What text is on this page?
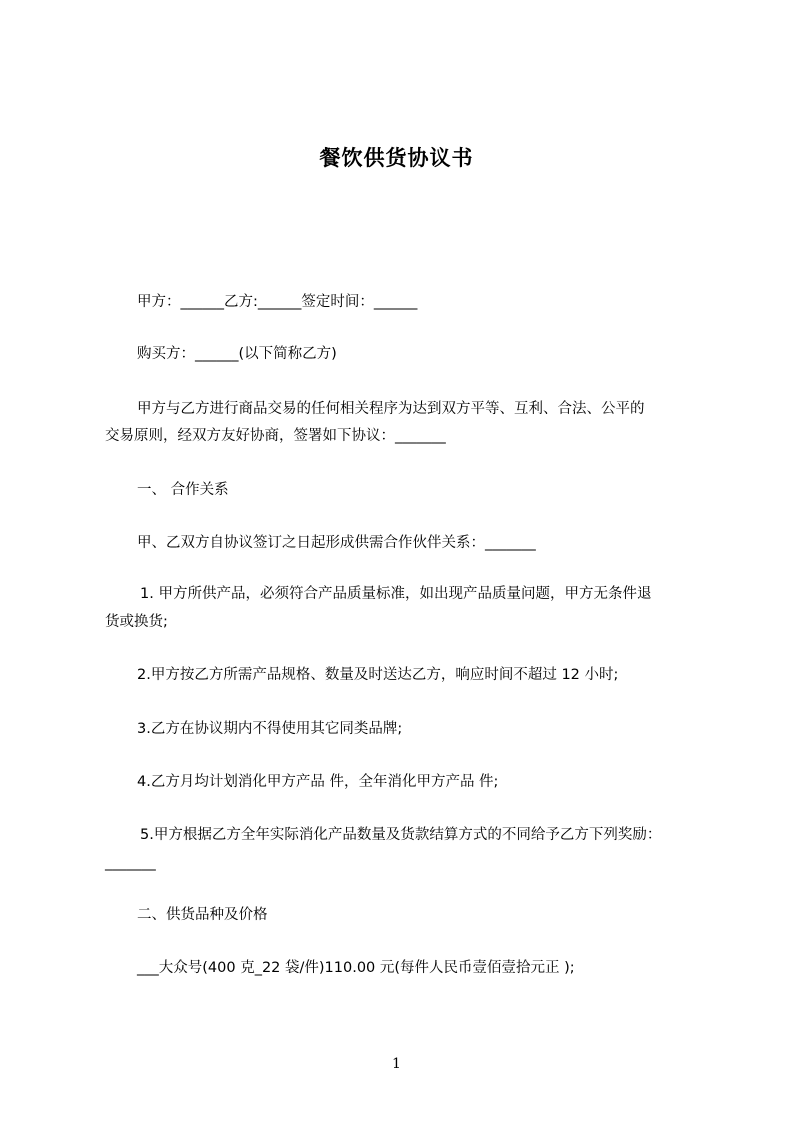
餐饮供货协议书
甲方：______乙方:______签定时间：______
购买方：______(以下简称乙方)
甲方与乙方进行商品交易的任何相关程序为达到双方平等、互利、合法、公平的
交易原则，经双方友好协商，签署如下协议：_______
一、 合作关系
甲、乙双方自协议签订之日起形成供需合作伙伴关系：_______
1. 甲方所供产品，必须符合产品质量标准，如出现产品质量问题，甲方无条件退
货或换货;
2.甲方按乙方所需产品规格、数量及时送达乙方，响应时间不超过 12 小时;
3.乙方在协议期内不得使用其它同类品牌;
4.乙方月均计划消化甲方产品 件，全年消化甲方产品 件;
5.甲方根据乙方全年实际消化产品数量及货款结算方式的不同给予乙方下列奖励：
_______
二、供货品种及价格
___大众号(400 克_22 袋/件)110.00 元(每件人民币壹佰壹拾元正 );
1
